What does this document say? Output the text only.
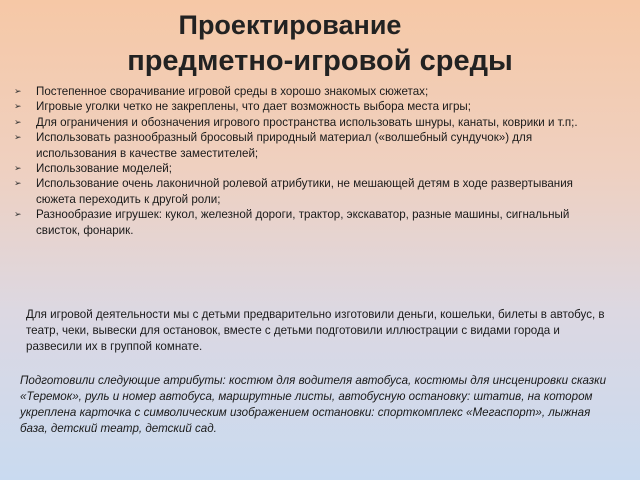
Проектирование
предметно-игровой среды
➢ Постепенное сворачивание игровой среды в хорошо знакомых сюжетах;
➢ Игровые уголки четко не закреплены, что дает возможность выбора места игры;
➢ Для ограничения и обозначения игрового пространства использовать шнуры, канаты, коврики и т.п;.
➢ Использовать разнообразный бросовый природный материал («волшебный сундучок») для использования в качестве заместителей;
➢ Использование моделей;
➢ Использование очень лаконичной ролевой атрибутики, не мешающей детям в ходе развертывания сюжета переходить к другой роли;
➢ Разнообразие игрушек: кукол, железной дороги, трактор, экскаватор, разные машины, сигнальный свисток, фонарик.
Для игровой деятельности мы с детьми предварительно изготовили деньги, кошельки, билеты в автобус, в театр, чеки, вывески для остановок, вместе с детьми подготовили иллюстрации с видами города и развесили их в группой комнате.
Подготовили следующие атрибуты: костюм для водителя автобуса, костюмы для инсценировки сказки «Теремок», руль и номер автобуса, маршрутные листы, автобусную остановку: штатив, на котором укреплена карточка с символическим изображением остановки: спорткомплекс «Мегаспорт», лыжная база, детский театр, детский сад.
